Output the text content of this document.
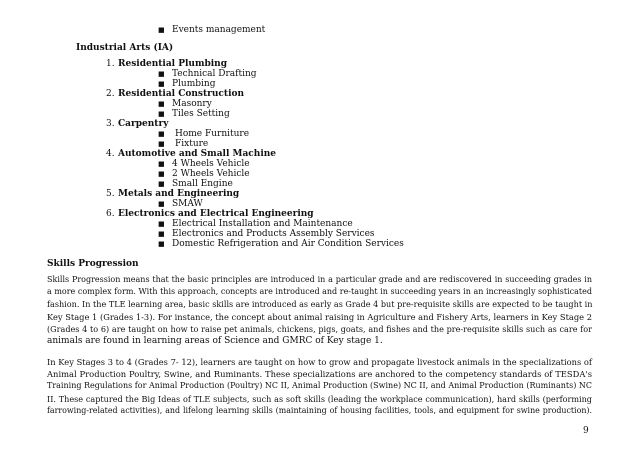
■ Events management
Industrial Arts (IA)
1. Residential Plumbing
■ Technical Drafting
■ Plumbing
2. Residential Construction
■ Masonry
■ Tiles Setting
3. Carpentry
■ Home Furniture
■ Fixture
4. Automotive and Small Machine
■ 4 Wheels Vehicle
■ 2 Wheels Vehicle
■ Small Engine
5. Metals and Engineering
■ SMAW
6. Electronics and Electrical Engineering
■ Electrical Installation and Maintenance
■ Electronics and Products Assembly Services
■ Domestic Refrigeration and Air Condition Services
Skills Progression
Skills Progression means that the basic principles are introduced in a particular grade and are rediscovered in succeeding grades in
a more complex form. With this approach, concepts are introduced and re-taught in succeeding years in an increasingly sophisticated
fashion. In the TLE learning area, basic skills are introduced as early as Grade 4 but pre-requisite skills are expected to be taught in
Key Stage 1 (Grades 1-3). For instance, the concept about animal raising in Agriculture and Fishery Arts, learners in Key Stage 2
(Grades 4 to 6) are taught on how to raise pet animals, chickens, pigs, goats, and fishes and the pre-requisite skills such as care for
animals are found in learning areas of Science and GMRC of Key stage 1.
In Key Stages 3 to 4 (Grades 7- 12), learners are taught on how to grow and propagate livestock animals in the specializations of
Animal Production Poultry, Swine, and Ruminants. These specializations are anchored to the competency standards of TESDA's
Training Regulations for Animal Production (Poultry) NC II, Animal Production (Swine) NC II, and Animal Production (Ruminants) NC
II. These captured the Big Ideas of TLE subjects, such as soft skills (leading the workplace communication), hard skills (performing
farrowing-related activities), and lifelong learning skills (maintaining of housing facilities, tools, and equipment for swine production).
9
